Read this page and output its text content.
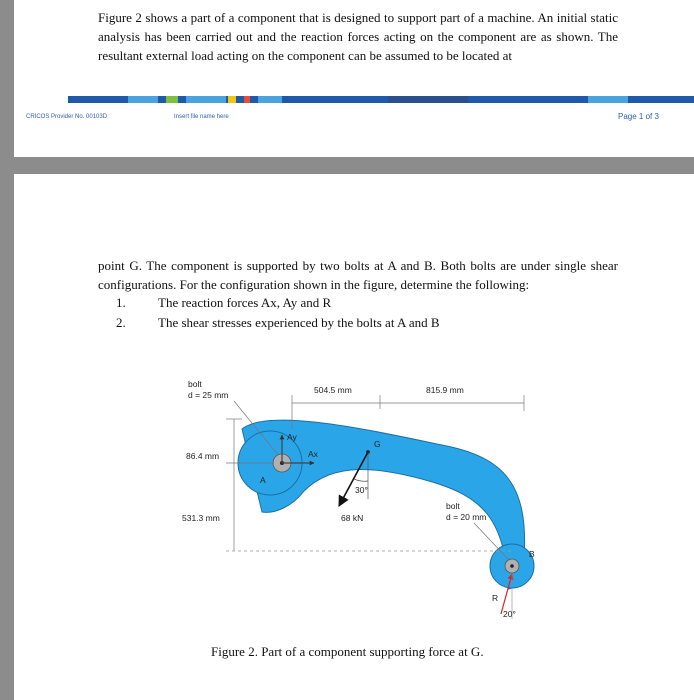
Figure 2 shows a part of a component that is designed to support part of a machine. An initial static analysis has been carried out and the reaction forces acting on the component are as shown. The resultant external load acting on the component can be assumed to be located at

CRICOS Provider No. 00103D	Insert file name here	Page 1 of 3

point G. The component is supported by two bolts at A and B. Both bolts are under single shear configurations. For the configuration shown in the figure, determine the following:

1. The reaction forces Ax, Ay and R
2. The shear stresses experienced by the bolts at A and B
Ay
Ax
A
G
30°
68 kN
R
20°
B
504.5 mm	815.9 mm
86.4 mm
531.3 mm
bolt
d = 25 mm
bolt
d = 20 mm
Figure 2. Part of a component supporting force at G.
